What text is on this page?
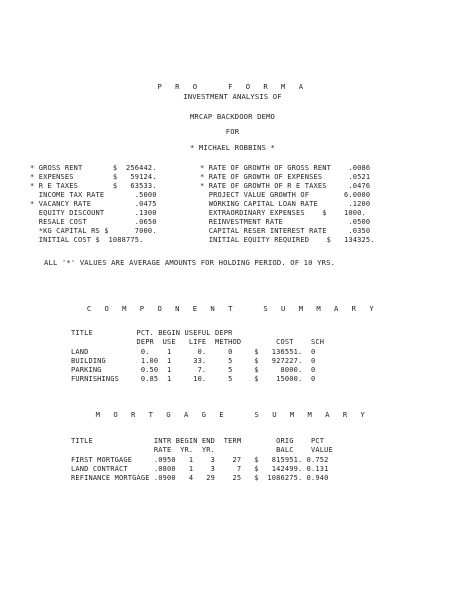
P R O   F O R M A
INVESTMENT ANALYSIS OF
MRCAP BACKDOOR DEMO
FOR
* MICHAEL ROBBINS *
* GROSS RENT       $  256442.	* RATE OF GROWTH OF GROSS RENT    .0086
* EXPENSES         $   59124.	* RATE OF GROWTH OF EXPENSES      .0521
* R E TAXES        $   63533.	* RATE OF GROWTH OF R E TAXES     .0476
INCOME TAX RATE       .5000	PROJECT VALUE GROWTH OF        6.0000
* VACANCY RATE          .0475	WORKING CAPITAL LOAN RATE       .1200
EQUITY DISCOUNT       .1300	EXTRAORDINARY EXPENSES    $    1000.
RESALE COST           .0650	REINVESTMENT RATE               .0500
*KG CAPITAL RS $      7000.	CAPITAL RESER INTEREST RATE     .0350
INITIAL COST $  1088775.	INITIAL EQUITY REQUIRED    $   134325.
ALL '*' VALUES ARE AVERAGE AMOUNTS FOR HOLDING PERIOD. OF 10 YRS.
C O M P O N E N T   S U M M A R Y
TITLE          PCT. BEGIN USEFUL DEPR
DEPR  USE   LIFE  METHOD        COST    SCH
LAND            0.    1      0.     0     $   136551.  0
BUILDING        1.00  1     33.     5     $   927227.  0
PARKING         0.50  1      7.     5     $     8000.  0
FURNISHINGS     0.85  1     10.     5     $    15000.  0
M O R T G A G E   S U M M A R Y
TITLE              INTR BEGIN END  TERM        ORIG    PCT
RATE  YR.  YR.              BALC    VALUE
FIRST MORTGAGE     .0950   1    3    27   $   815951. 0.752
LAND CONTRACT      .0800   1    3     7   $   142499. 0.131
REFINANCE MORTGAGE .0900   4   29    25   $  1086275. 0.940
